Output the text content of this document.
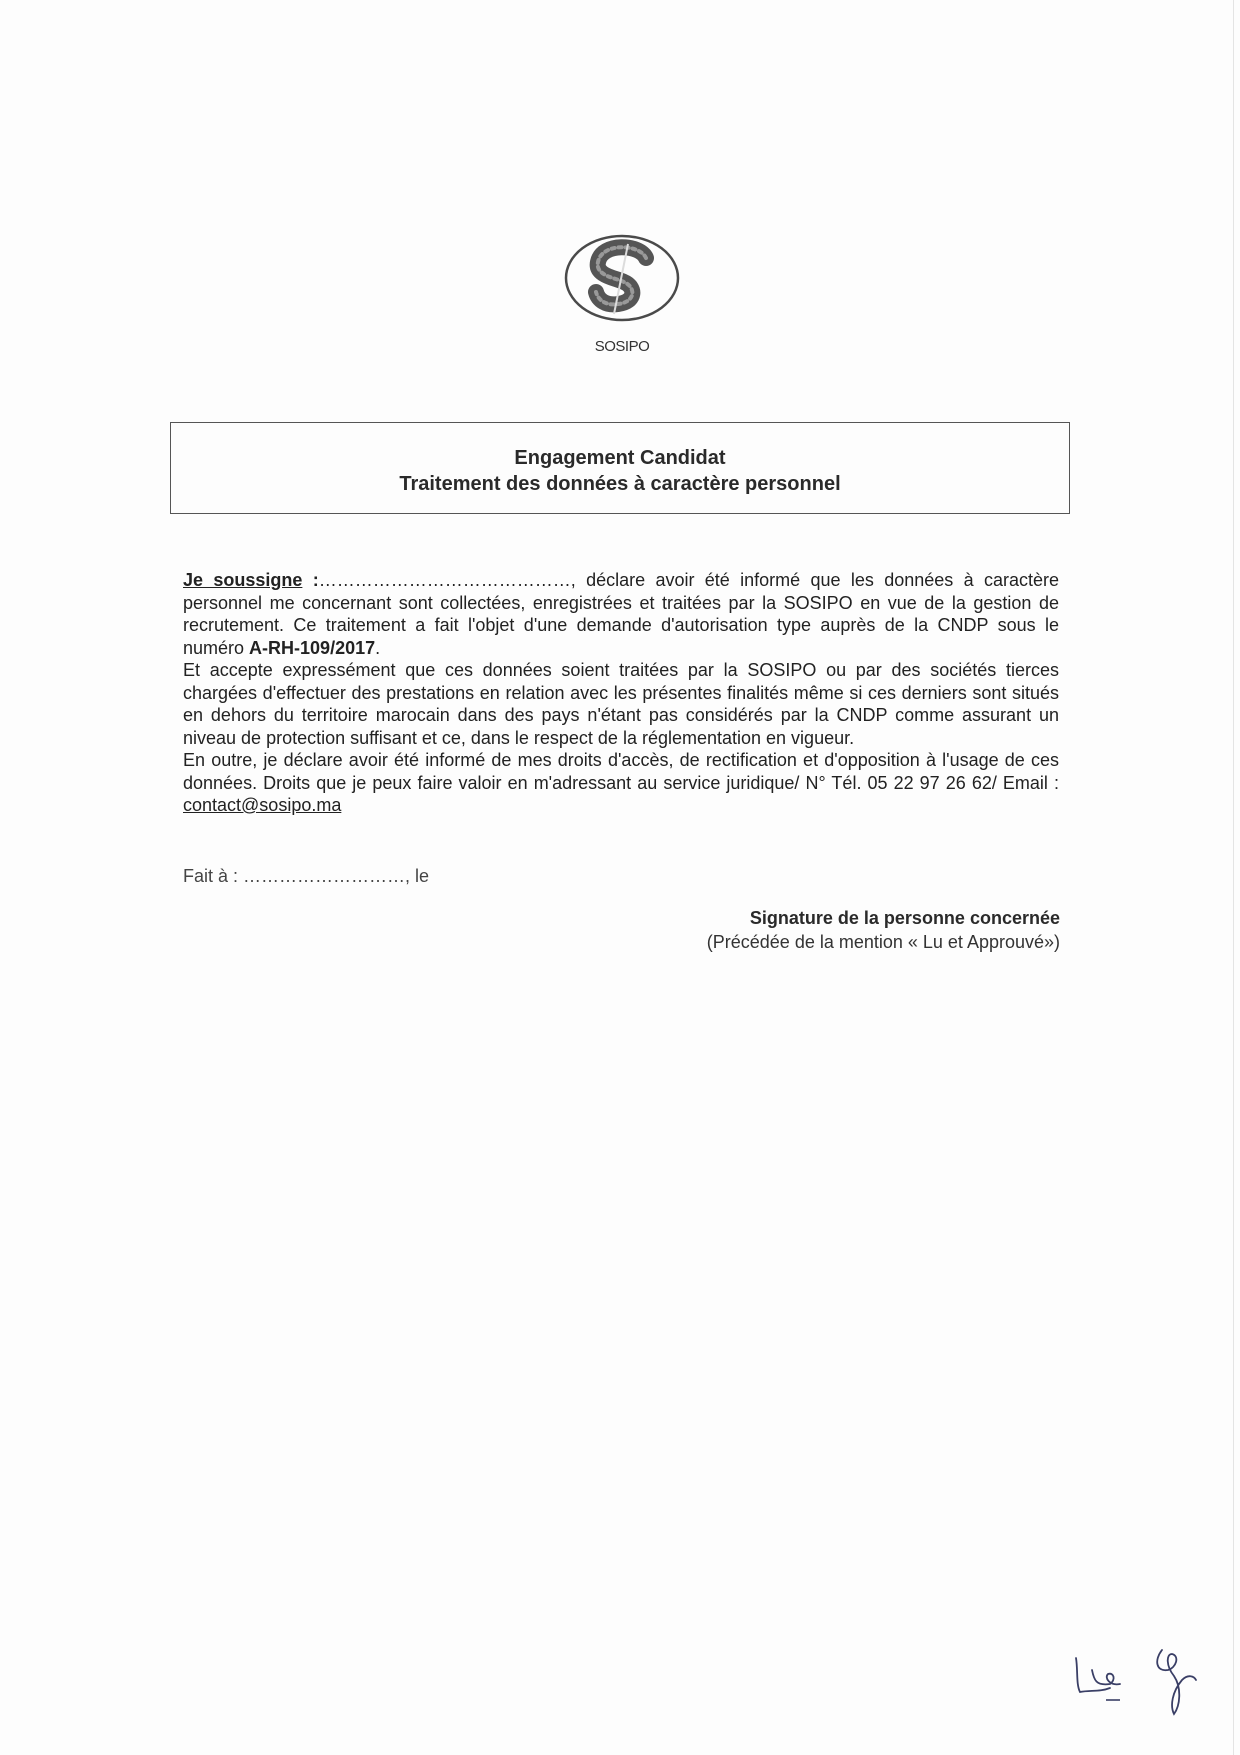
SOSIPO
Engagement Candidat
Traitement des données à caractère personnel

Je soussigne :……………………………………, déclare avoir été informé que les données à caractère personnel me concernant sont collectées, enregistrées et traitées par la SOSIPO en vue de la gestion de recrutement. Ce traitement a fait l'objet d'une demande d'autorisation type auprès de la CNDP sous le numéro A-RH-109/2017.

Et accepte expressément que ces données soient traitées par la SOSIPO ou par des sociétés tierces chargées d'effectuer des prestations en relation avec les présentes finalités même si ces derniers sont situés en dehors du territoire marocain dans des pays n'étant pas considérés par la CNDP comme assurant un niveau de protection suffisant et ce, dans le respect de la réglementation en vigueur.

En outre, je déclare avoir été informé de mes droits d'accès, de rectification et d'opposition à l'usage de ces données. Droits que je peux faire valoir en m'adressant au service juridique/ N° Tél. 05 22 97 26 62/ Email : contact@sosipo.ma

Fait à : ………………………, le
Signature de la personne concernée
(Précédée de la mention « Lu et Approuvé»)
